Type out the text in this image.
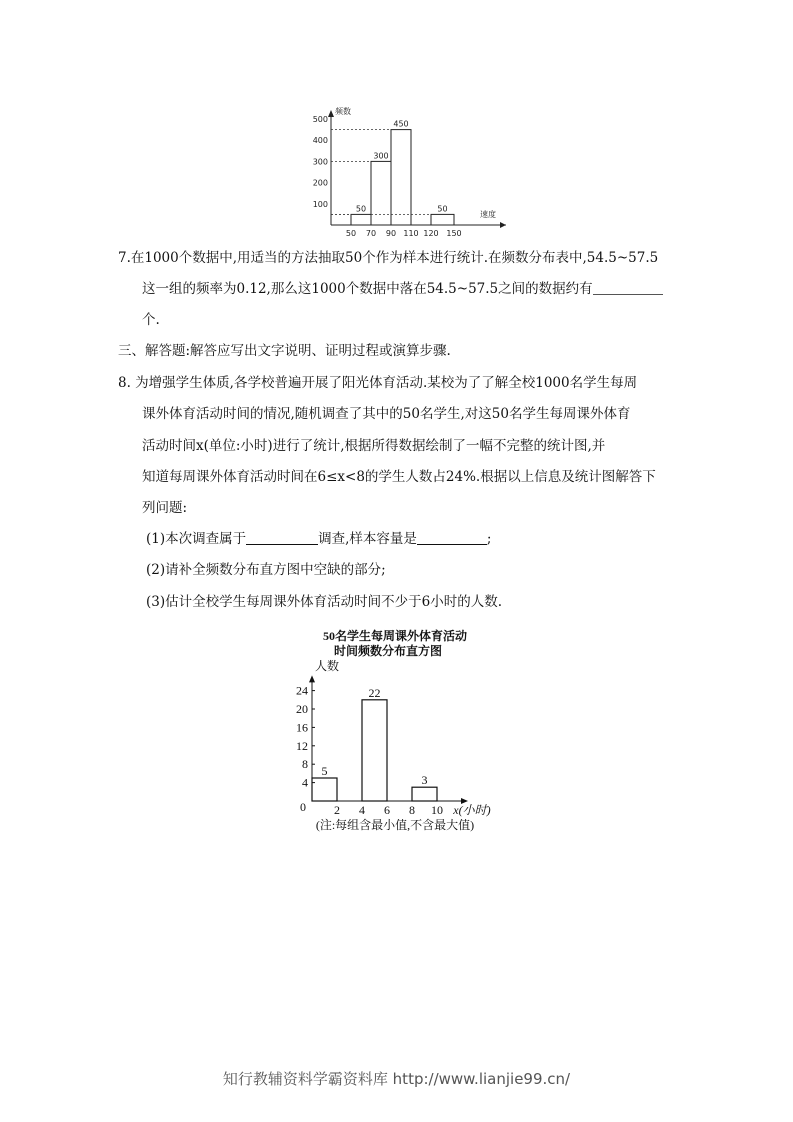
频数
速度
100
200
300
400
500
50 70 90 110 120 150
50
300
450
50

7.在1000个数据中,用适当的方法抽取50个作为样本进行统计.在频数分布表中,54.5~57.5

这一组的频率为0.12,那么这1000个数据中落在54.5~57.5之间的数据约有

个.

三、解答题:解答应写出文字说明、证明过程或演算步骤.

8. 为增强学生体质,各学校普遍开展了阳光体育活动.某校为了了解全校1000名学生每周

课外体育活动时间的情况,随机调查了其中的50名学生,对这50名学生每周课外体育

活动时间x(单位:小时)进行了统计,根据所得数据绘制了一幅不完整的统计图,并

知道每周课外体育活动时间在6≤x<8的学生人数占24%.根据以上信息及统计图解答下

列问题:

(1)本次调查属于	调查,样本容量是	;

(2)请补全频数分布直方图中空缺的部分;

(3)估计全校学生每周课外体育活动时间不少于6小时的人数.

50名学生每周课外体育活动
时间频数分布直方图
人数
0
4
8
12
16
20
24
2 4 6 8 10 x(小时)
5
22
3
(注:每组含最小值,不含最大值)
知行教辅资料学霸资料库 http://www.lianjie99.cn/
